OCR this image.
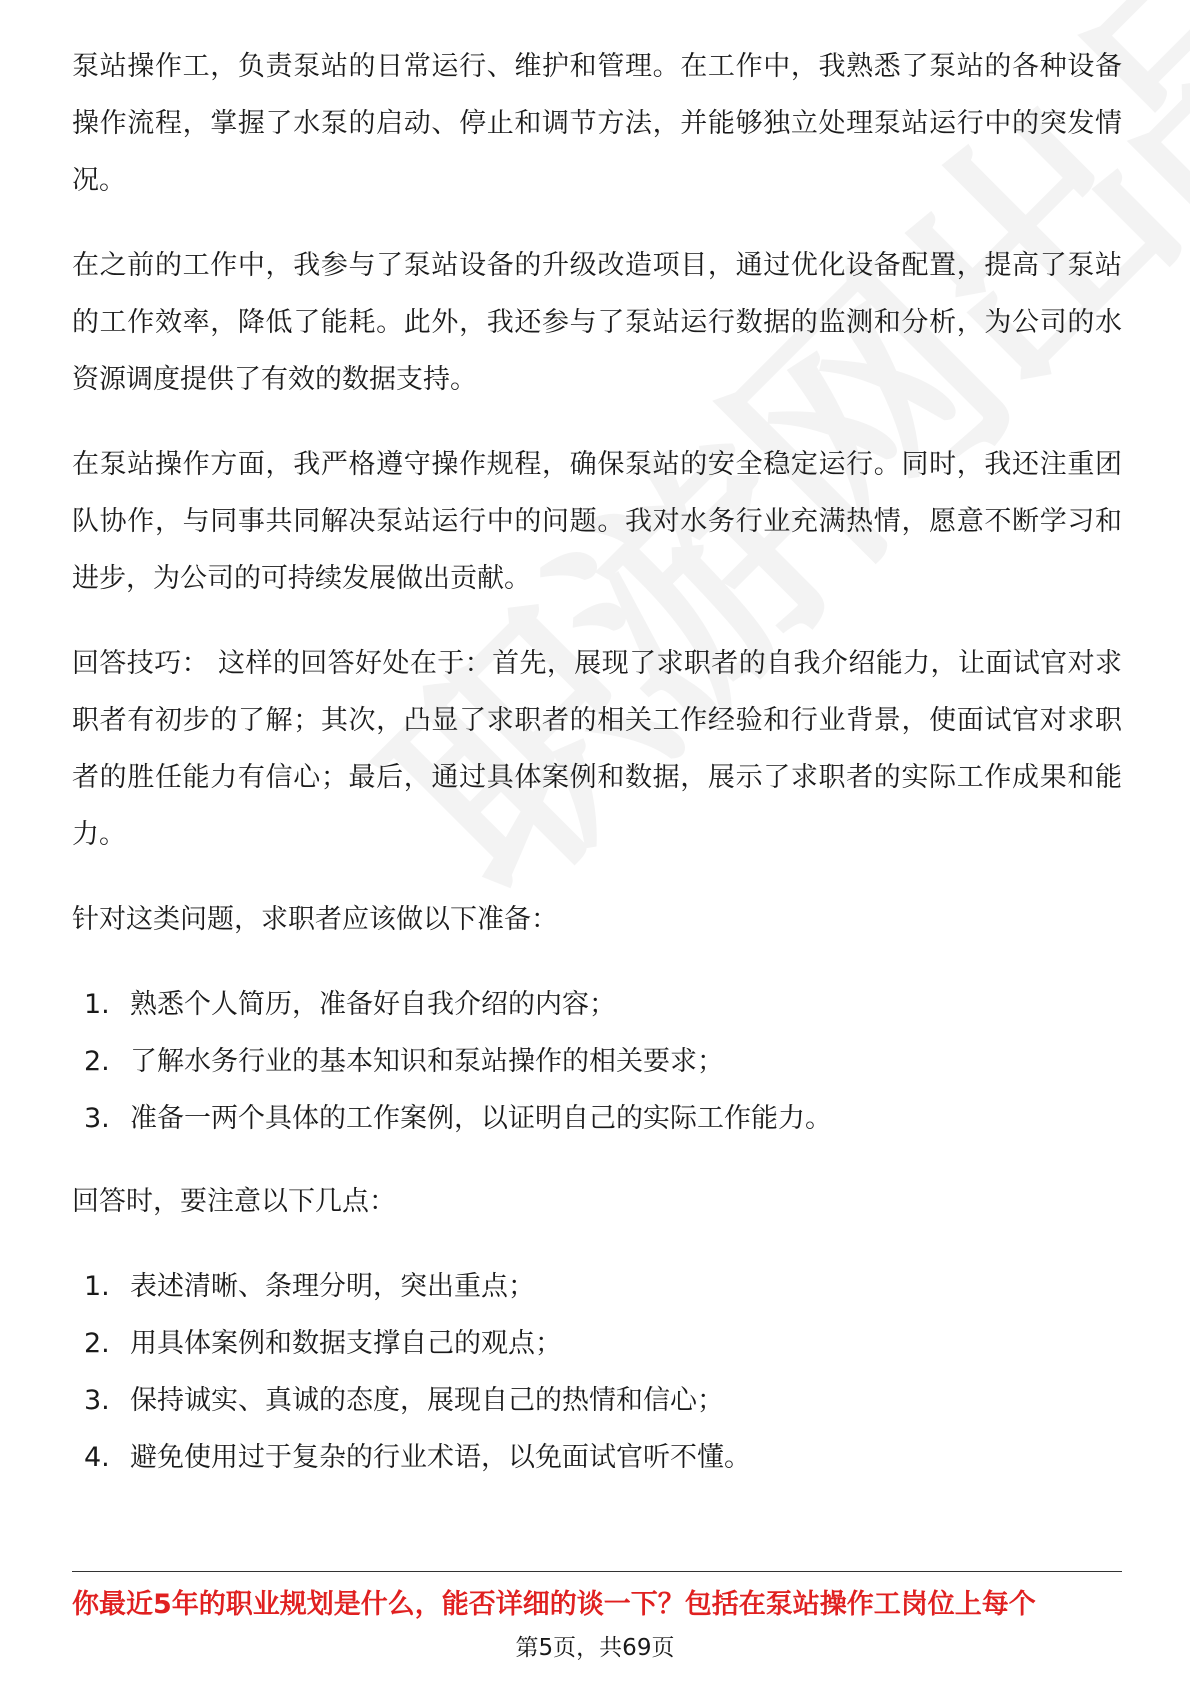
泵站操作工，负责泵站的日常运行、维护和管理。在工作中，我熟悉了泵站的各种设备操作流程，掌握了水泵的启动、停止和调节方法，并能够独立处理泵站运行中的突发情况。

在之前的工作中，我参与了泵站设备的升级改造项目，通过优化设备配置，提高了泵站的工作效率，降低了能耗。此外，我还参与了泵站运行数据的监测和分析，为公司的水资源调度提供了有效的数据支持。

在泵站操作方面，我严格遵守操作规程，确保泵站的安全稳定运行。同时，我还注重团队协作，与同事共同解决泵站运行中的问题。我对水务行业充满热情，愿意不断学习和进步，为公司的可持续发展做出贡献。

回答技巧： 这样的回答好处在于：首先，展现了求职者的自我介绍能力，让面试官对求职者有初步的了解；其次，凸显了求职者的相关工作经验和行业背景，使面试官对求职者的胜任能力有信心；最后，通过具体案例和数据，展示了求职者的实际工作成果和能力。

针对这类问题，求职者应该做以下准备：

1. 熟悉个人简历，准备好自我介绍的内容；
2. 了解水务行业的基本知识和泵站操作的相关要求；
3. 准备一两个具体的工作案例，以证明自己的实际工作能力。

回答时，要注意以下几点：

1. 表述清晰、条理分明，突出重点；
2. 用具体案例和数据支撑自己的观点；
3. 保持诚实、真诚的态度，展现自己的热情和信心；
4. 避免使用过于复杂的行业术语，以免面试官听不懂。
你最近5年的职业规划是什么，能否详细的谈一下？包括在泵站操作工岗位上每个
第5页，共69页
